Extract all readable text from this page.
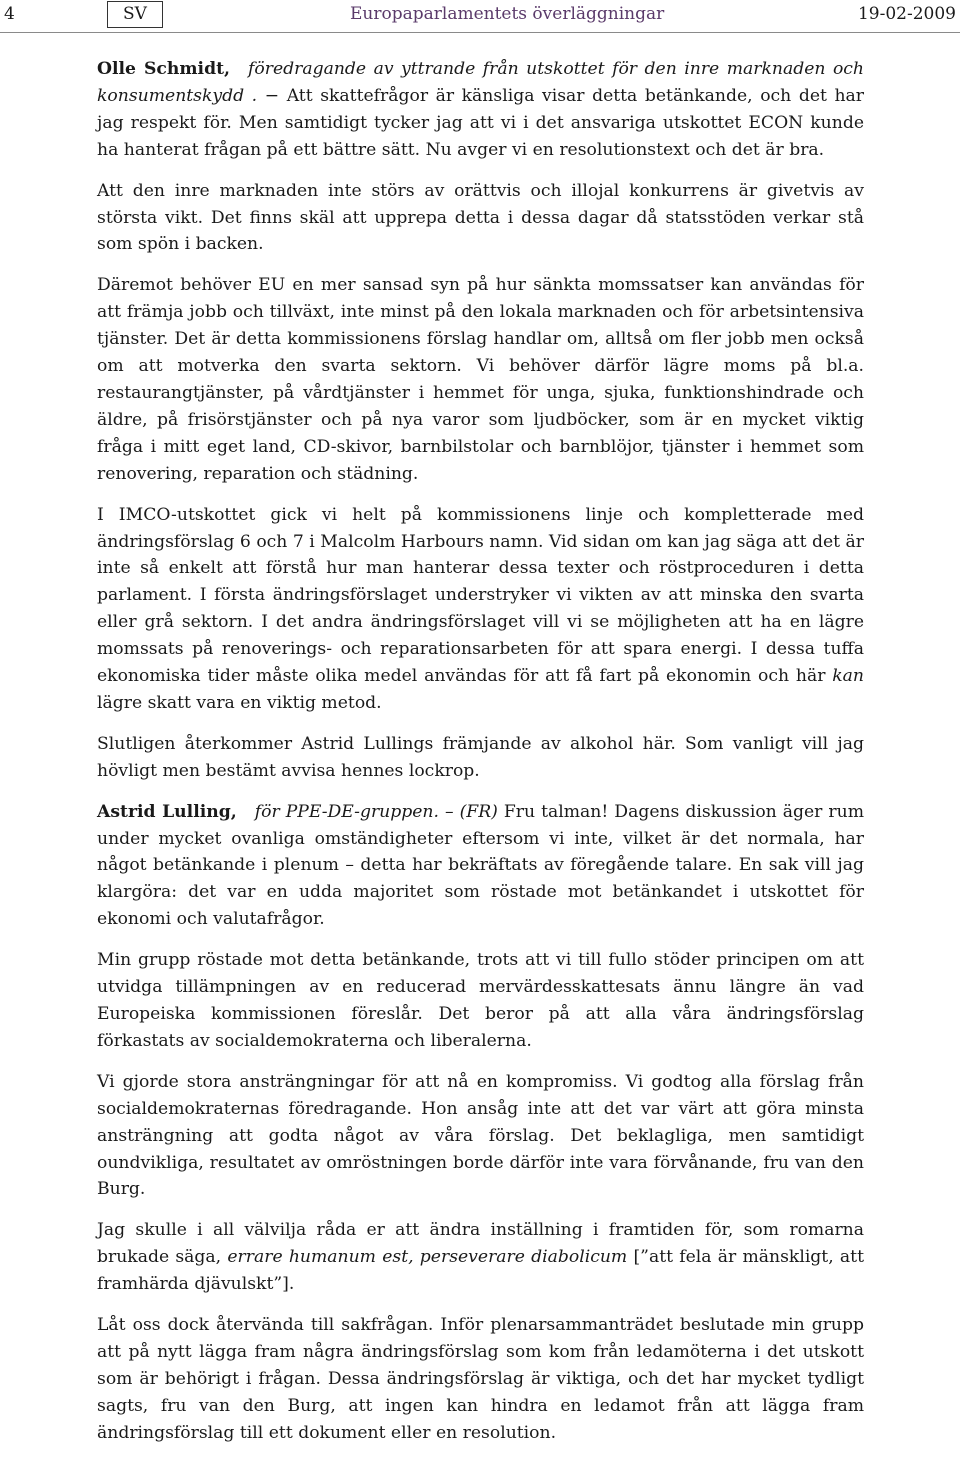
4	SV	Europaparlamentets överläggningar	19-02-2009

Olle Schmidt, föredragande av yttrande från utskottet för den inre marknaden och konsumentskydd . − Att skattefrågor är känsliga visar detta betänkande, och det har jag respekt för. Men samtidigt tycker jag att vi i det ansvariga utskottet ECON kunde ha hanterat frågan på ett bättre sätt. Nu avger vi en resolutionstext och det är bra.

Att den inre marknaden inte störs av orättvis och illojal konkurrens är givetvis av största vikt. Det finns skäl att upprepa detta i dessa dagar då statsstöden verkar stå som spön i backen.

Däremot behöver EU en mer sansad syn på hur sänkta momssatser kan användas för att främja jobb och tillväxt, inte minst på den lokala marknaden och för arbetsintensiva tjänster. Det är detta kommissionens förslag handlar om, alltså om fler jobb men också om att motverka den svarta sektorn. Vi behöver därför lägre moms på bl.a. restaurangtjänster, på vårdtjänster i hemmet för unga, sjuka, funktionshindrade och äldre, på frisörstjänster och på nya varor som ljudböcker, som är en mycket viktig fråga i mitt eget land, CD-skivor, barnbilstolar och barnblöjor, tjänster i hemmet som renovering, reparation och städning.

I IMCO-utskottet gick vi helt på kommissionens linje och kompletterade med ändringsförslag 6 och 7 i Malcolm Harbours namn. Vid sidan om kan jag säga att det är inte så enkelt att förstå hur man hanterar dessa texter och röstproceduren i detta parlament. I första ändringsförslaget understryker vi vikten av att minska den svarta eller grå sektorn. I det andra ändringsförslaget vill vi se möjligheten att ha en lägre momssats på renoverings- och reparationsarbeten för att spara energi. I dessa tuffa ekonomiska tider måste olika medel användas för att få fart på ekonomin och här kan lägre skatt vara en viktig metod.

Slutligen återkommer Astrid Lullings främjande av alkohol här. Som vanligt vill jag hövligt men bestämt avvisa hennes lockrop.

Astrid Lulling, för PPE-DE-gruppen. – (FR) Fru talman! Dagens diskussion äger rum under mycket ovanliga omständigheter eftersom vi inte, vilket är det normala, har något betänkande i plenum – detta har bekräftats av föregående talare. En sak vill jag klargöra: det var en udda majoritet som röstade mot betänkandet i utskottet för ekonomi och valutafrågor.

Min grupp röstade mot detta betänkande, trots att vi till fullo stöder principen om att utvidga tillämpningen av en reducerad mervärdesskattesats ännu längre än vad Europeiska kommissionen föreslår. Det beror på att alla våra ändringsförslag förkastats av socialdemokraterna och liberalerna.

Vi gjorde stora ansträngningar för att nå en kompromiss. Vi godtog alla förslag från socialdemokraternas föredragande. Hon ansåg inte att det var värt att göra minsta ansträngning att godta något av våra förslag. Det beklagliga, men samtidigt oundvikliga, resultatet av omröstningen borde därför inte vara förvånande, fru van den Burg.

Jag skulle i all välvilja råda er att ändra inställning i framtiden för, som romarna brukade säga, errare humanum est, perseverare diabolicum [”att fela är mänskligt, att framhärda djävulskt”].

Låt oss dock återvända till sakfrågan. Inför plenarsammanträdet beslutade min grupp att på nytt lägga fram några ändringsförslag som kom från ledamöterna i det utskott som är behörigt i frågan. Dessa ändringsförslag är viktiga, och det har mycket tydligt sagts, fru van den Burg, att ingen kan hindra en ledamot från att lägga fram ändringsförslag till ett dokument eller en resolution.
